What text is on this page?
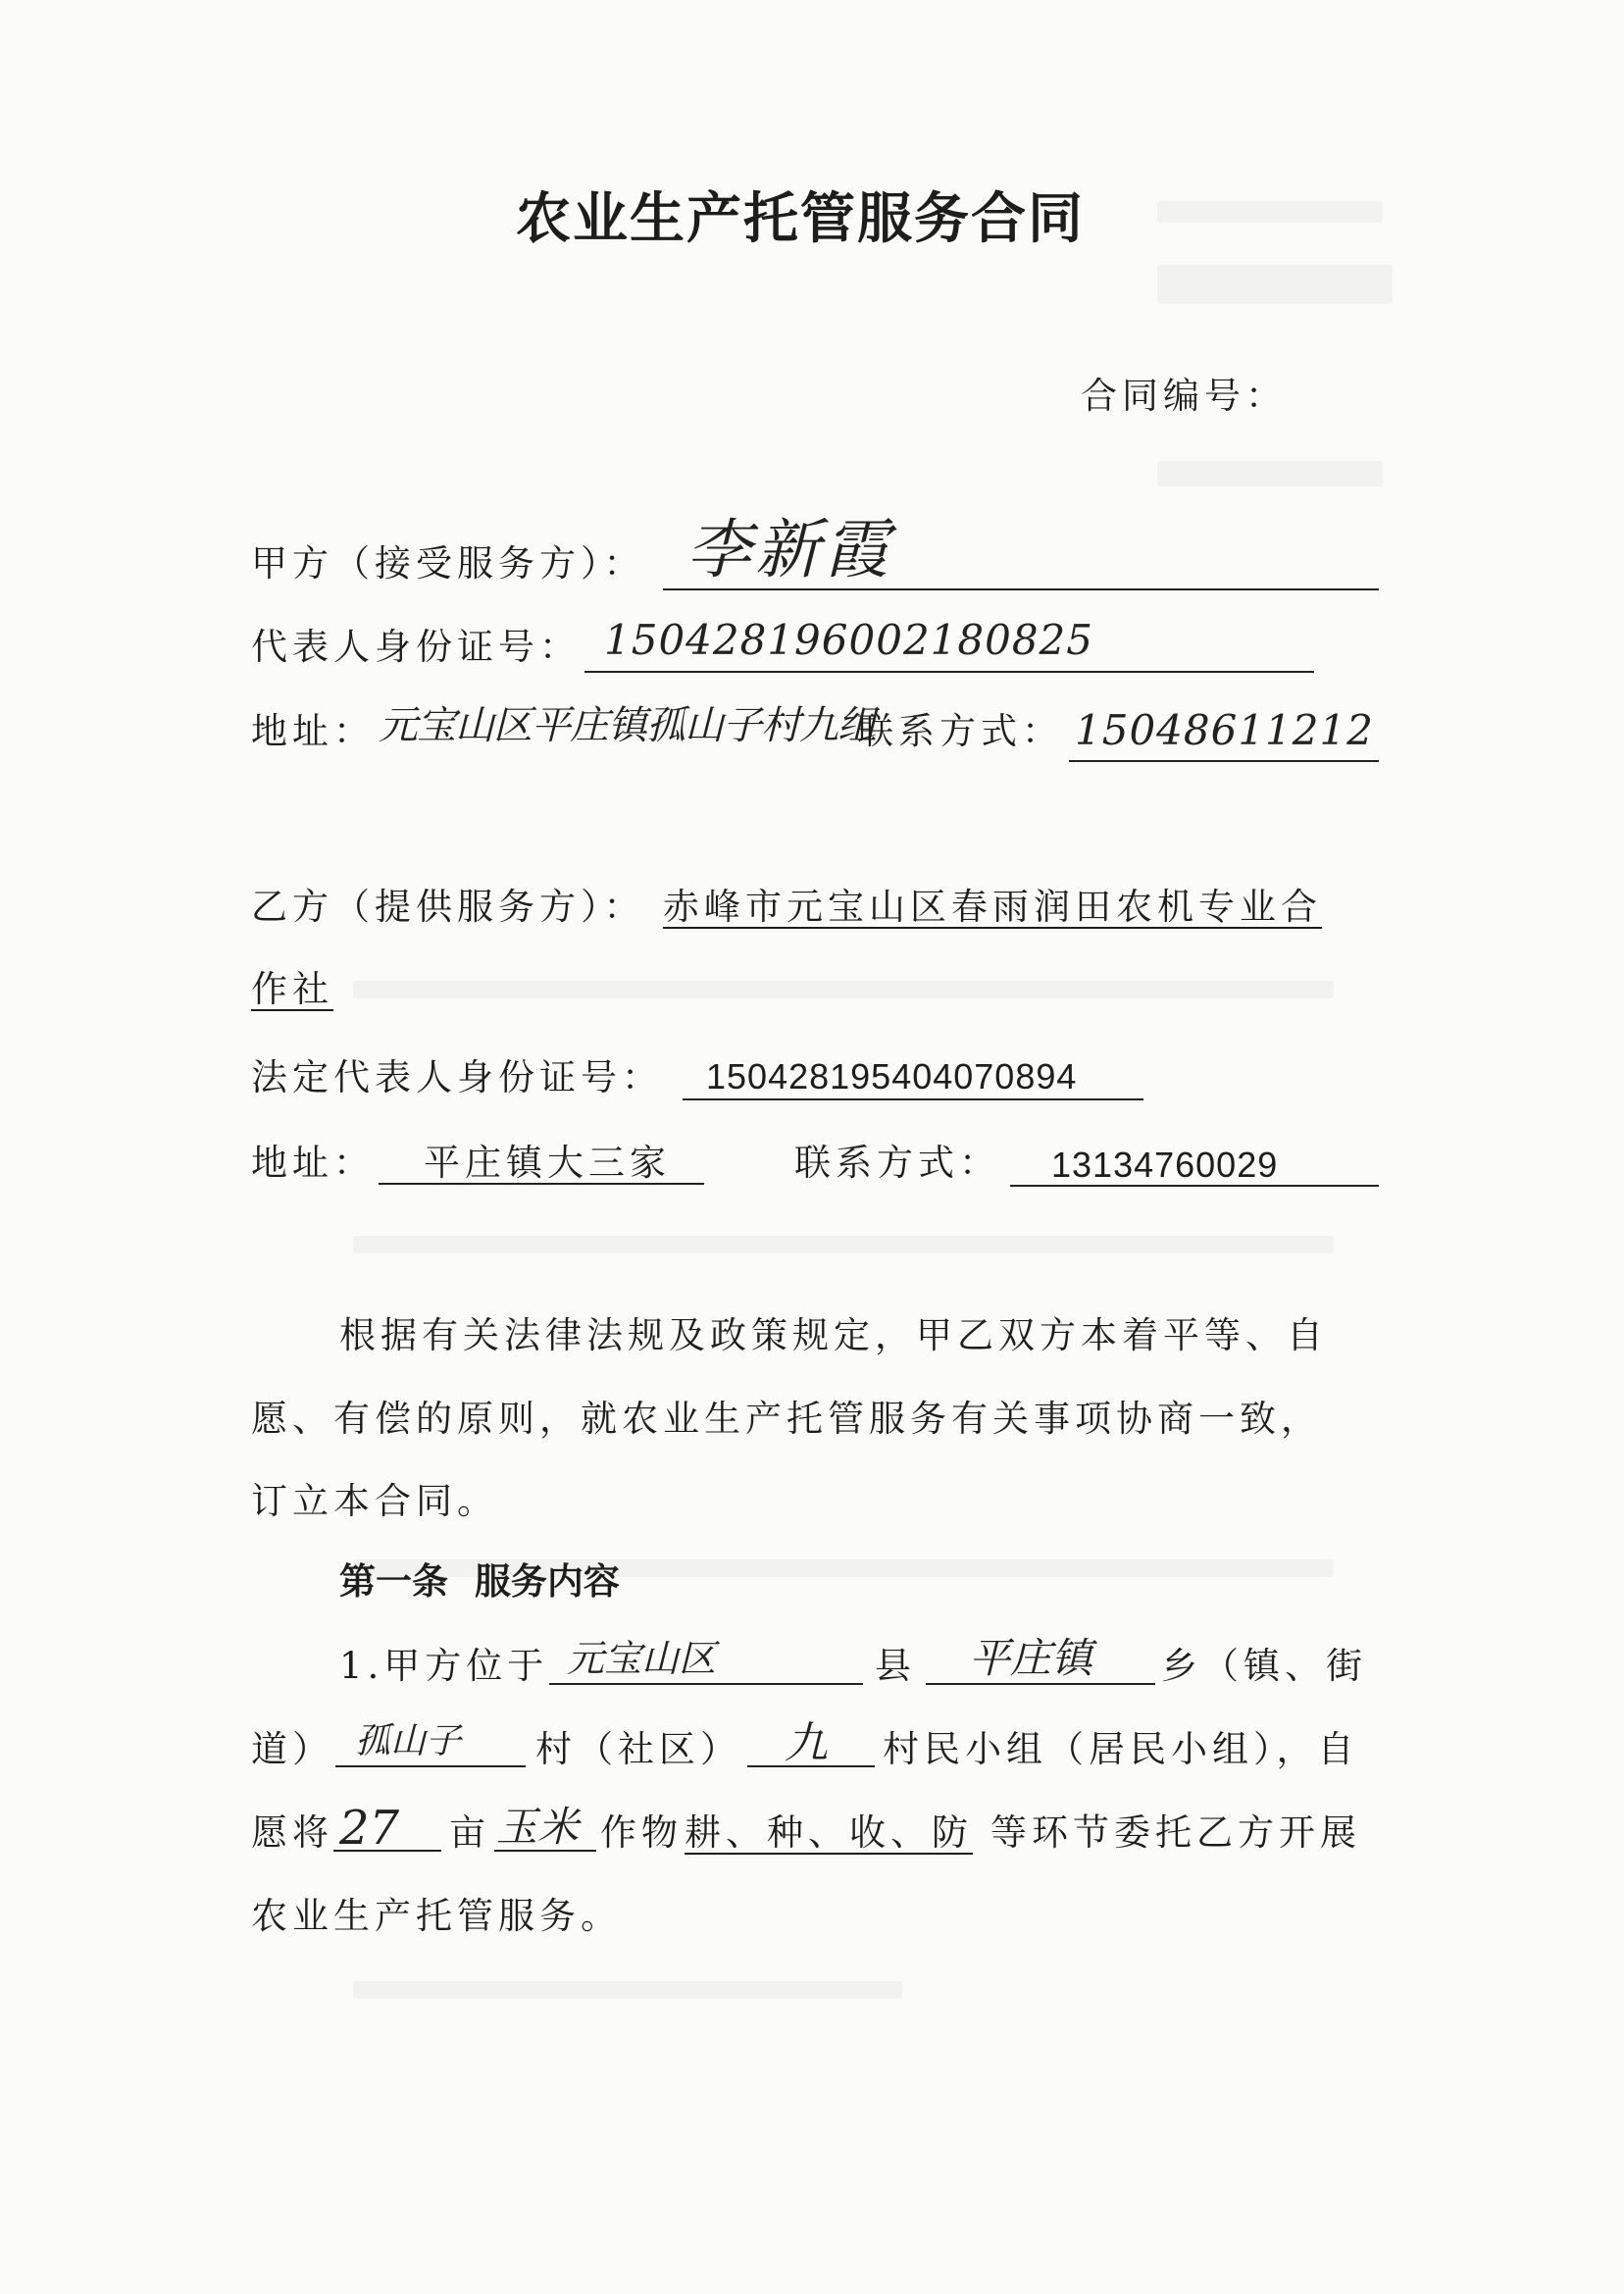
农业生产托管服务合同
合同编号：
甲方（接受服务方）： 李新霞
代表人身份证号： 150428196002180825
地址： 元宝山区平庄镇孤山子村九组
联系方式： 15048611212
乙方（提供服务方）： 赤峰市元宝山区春雨润田农机专业合
作社
法定代表人身份证号： 150428195404070894
地址： 平庄镇大三家	联系方式： 13134760029
根据有关法律法规及政策规定，甲乙双方本着平等、自
愿、有偿的原则，就农业生产托管服务有关事项协商一致，
订立本合同。
第一条 服务内容
1.甲方位于 元宝山区	县 平庄镇 乡（镇、街
道） 孤山子 村（社区） 九 村民小组（居民小组），自
愿将 27 亩 玉米 作物 耕、种、收、防 等环节委托乙方开展
农业生产托管服务。
